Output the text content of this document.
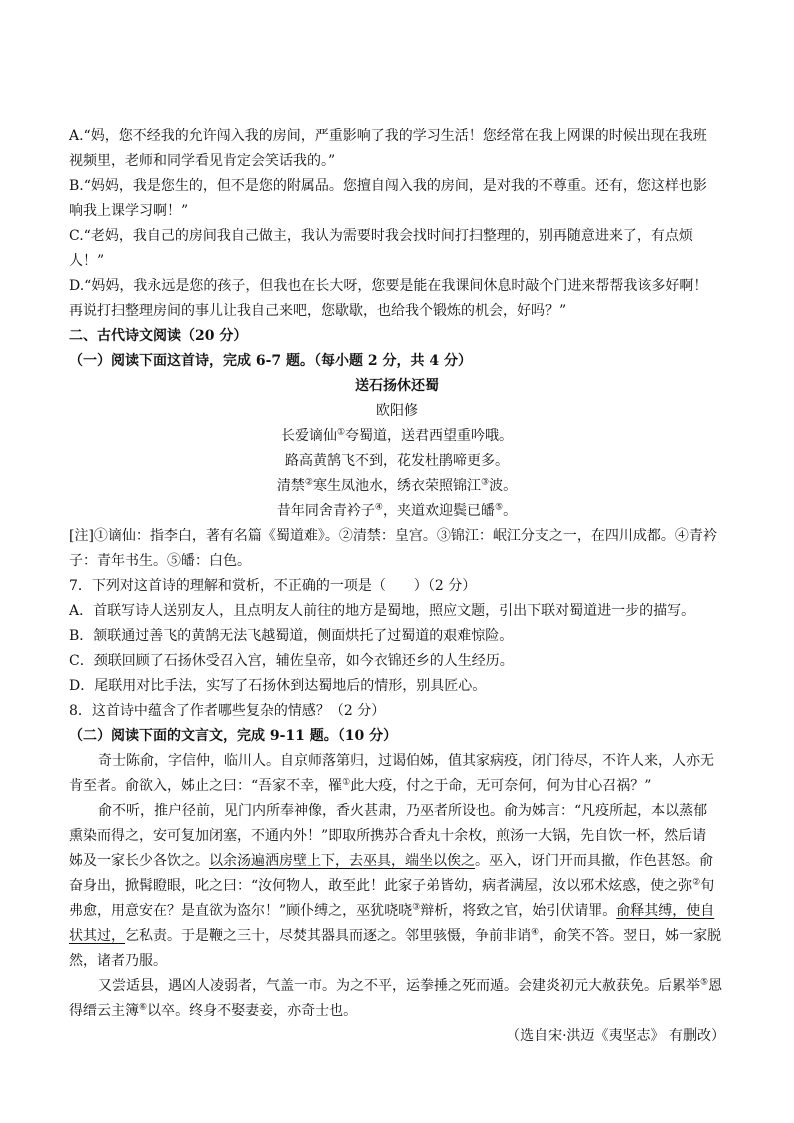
A.“妈，您不经我的允许闯入我的房间，严重影响了我的学习生活！您经常在我上网课的时候出现在我班
视频里，老师和同学看见肯定会笑话我的。”
B.“妈妈，我是您生的，但不是您的附属品。您擅自闯入我的房间，是对我的不尊重。还有，您这样也影
响我上课学习啊！”
C.“老妈，我自己的房间我自己做主，我认为需要时我会找时间打扫整理的，别再随意进来了，有点烦
人！”
D.“妈妈，我永远是您的孩子，但我也在长大呀，您要是能在我课间休息时敲个门进来帮帮我该多好啊！
再说打扫整理房间的事儿让我自己来吧，您歇歇，也给我个锻炼的机会，好吗？”
二、古代诗文阅读（20 分）
（一）阅读下面这首诗，完成 6-7 题。（每小题 2 分，共 4 分）
送石扬休还蜀
欧阳修
长爱谪仙①夸蜀道，送君西望重吟哦。
路高黄鹄飞不到，花发杜鹃啼更多。
清禁②寒生凤池水，绣衣荣照锦江③波。
昔年同舍青衿子④，夹道欢迎鬓已皤⑤。
[注]①谪仙：指李白，著有名篇《蜀道难》。②清禁：皇宫。③锦江：岷江分支之一，在四川成都。④青衿
子：青年书生。⑤皤：白色。
7．下列对这首诗的理解和赏析，不正确的一项是（　　）（2 分）
A．首联写诗人送别友人，且点明友人前往的地方是蜀地，照应文题，引出下联对蜀道进一步的描写。
B．颔联通过善飞的黄鹄无法飞越蜀道，侧面烘托了过蜀道的艰难惊险。
C．颈联回顾了石扬休受召入宫，辅佐皇帝，如今衣锦还乡的人生经历。
D．尾联用对比手法，实写了石扬休到达蜀地后的情形，别具匠心。
8．这首诗中蕴含了作者哪些复杂的情感？（2 分）
（二）阅读下面的文言文，完成 9-11 题。（10 分）
奇士陈俞，字信仲，临川人。自京师落第归，过谒伯姊，值其家病疫，闭门待尽，不许人来，人亦无
肯至者。俞欲入，姊止之曰：“吾家不幸，罹①此大疫，付之于命，无可奈何，何为甘心召祸？”
俞不听，推户径前，见门内所奉神像，香火甚肃，乃巫者所设也。俞为姊言：“凡疫所起，本以蒸郁
熏染而得之，安可复加闭塞，不通内外！”即取所携苏合香丸十余枚，煎汤一大锅，先自饮一杯，然后请
姊及一家长少各饮之。以余汤遍洒房壁上下，去巫具，端坐以俟之。巫入，讶门开而具撤，作色甚怒。俞
奋身出，掀髯瞪眼，叱之曰：“汝何物人，敢至此！此家子弟皆幼，病者满屋，汝以邪术炫惑，使之弥②旬
弗愈，用意安在？是直欲为盗尔！”顾仆缚之，巫犹哓哓③辩析，将致之官，始引伏请罪。俞释其缚，使自
状其过，乞私责。于是鞭之三十，尽焚其器具而逐之。邻里骇慑，争前非诮④，俞笑不答。翌日，姊一家脱
然，诸者乃服。
又尝适县，遇凶人凌弱者，气盖一市。为之不平，运拳捶之死而遁。会建炎初元大赦获免。后累举⑤恩
得缙云主簿⑥以卒。终身不娶妻妾，亦奇士也。
（选自宋·洪迈《夷坚志》 有删改）
